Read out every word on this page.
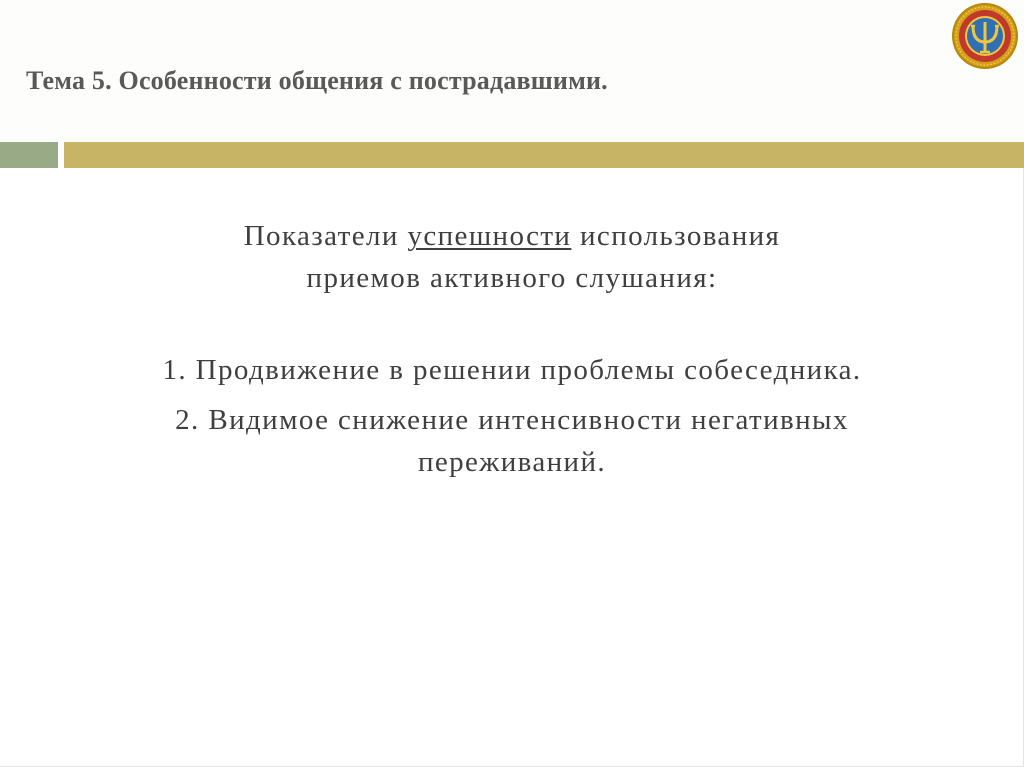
Тема 5. Особенности общения с пострадавшими.
Показатели успешности использования
приемов активного слушания:
1. Продвижение в решении проблемы собеседника.
2. Видимое снижение интенсивности негативных переживаний.
